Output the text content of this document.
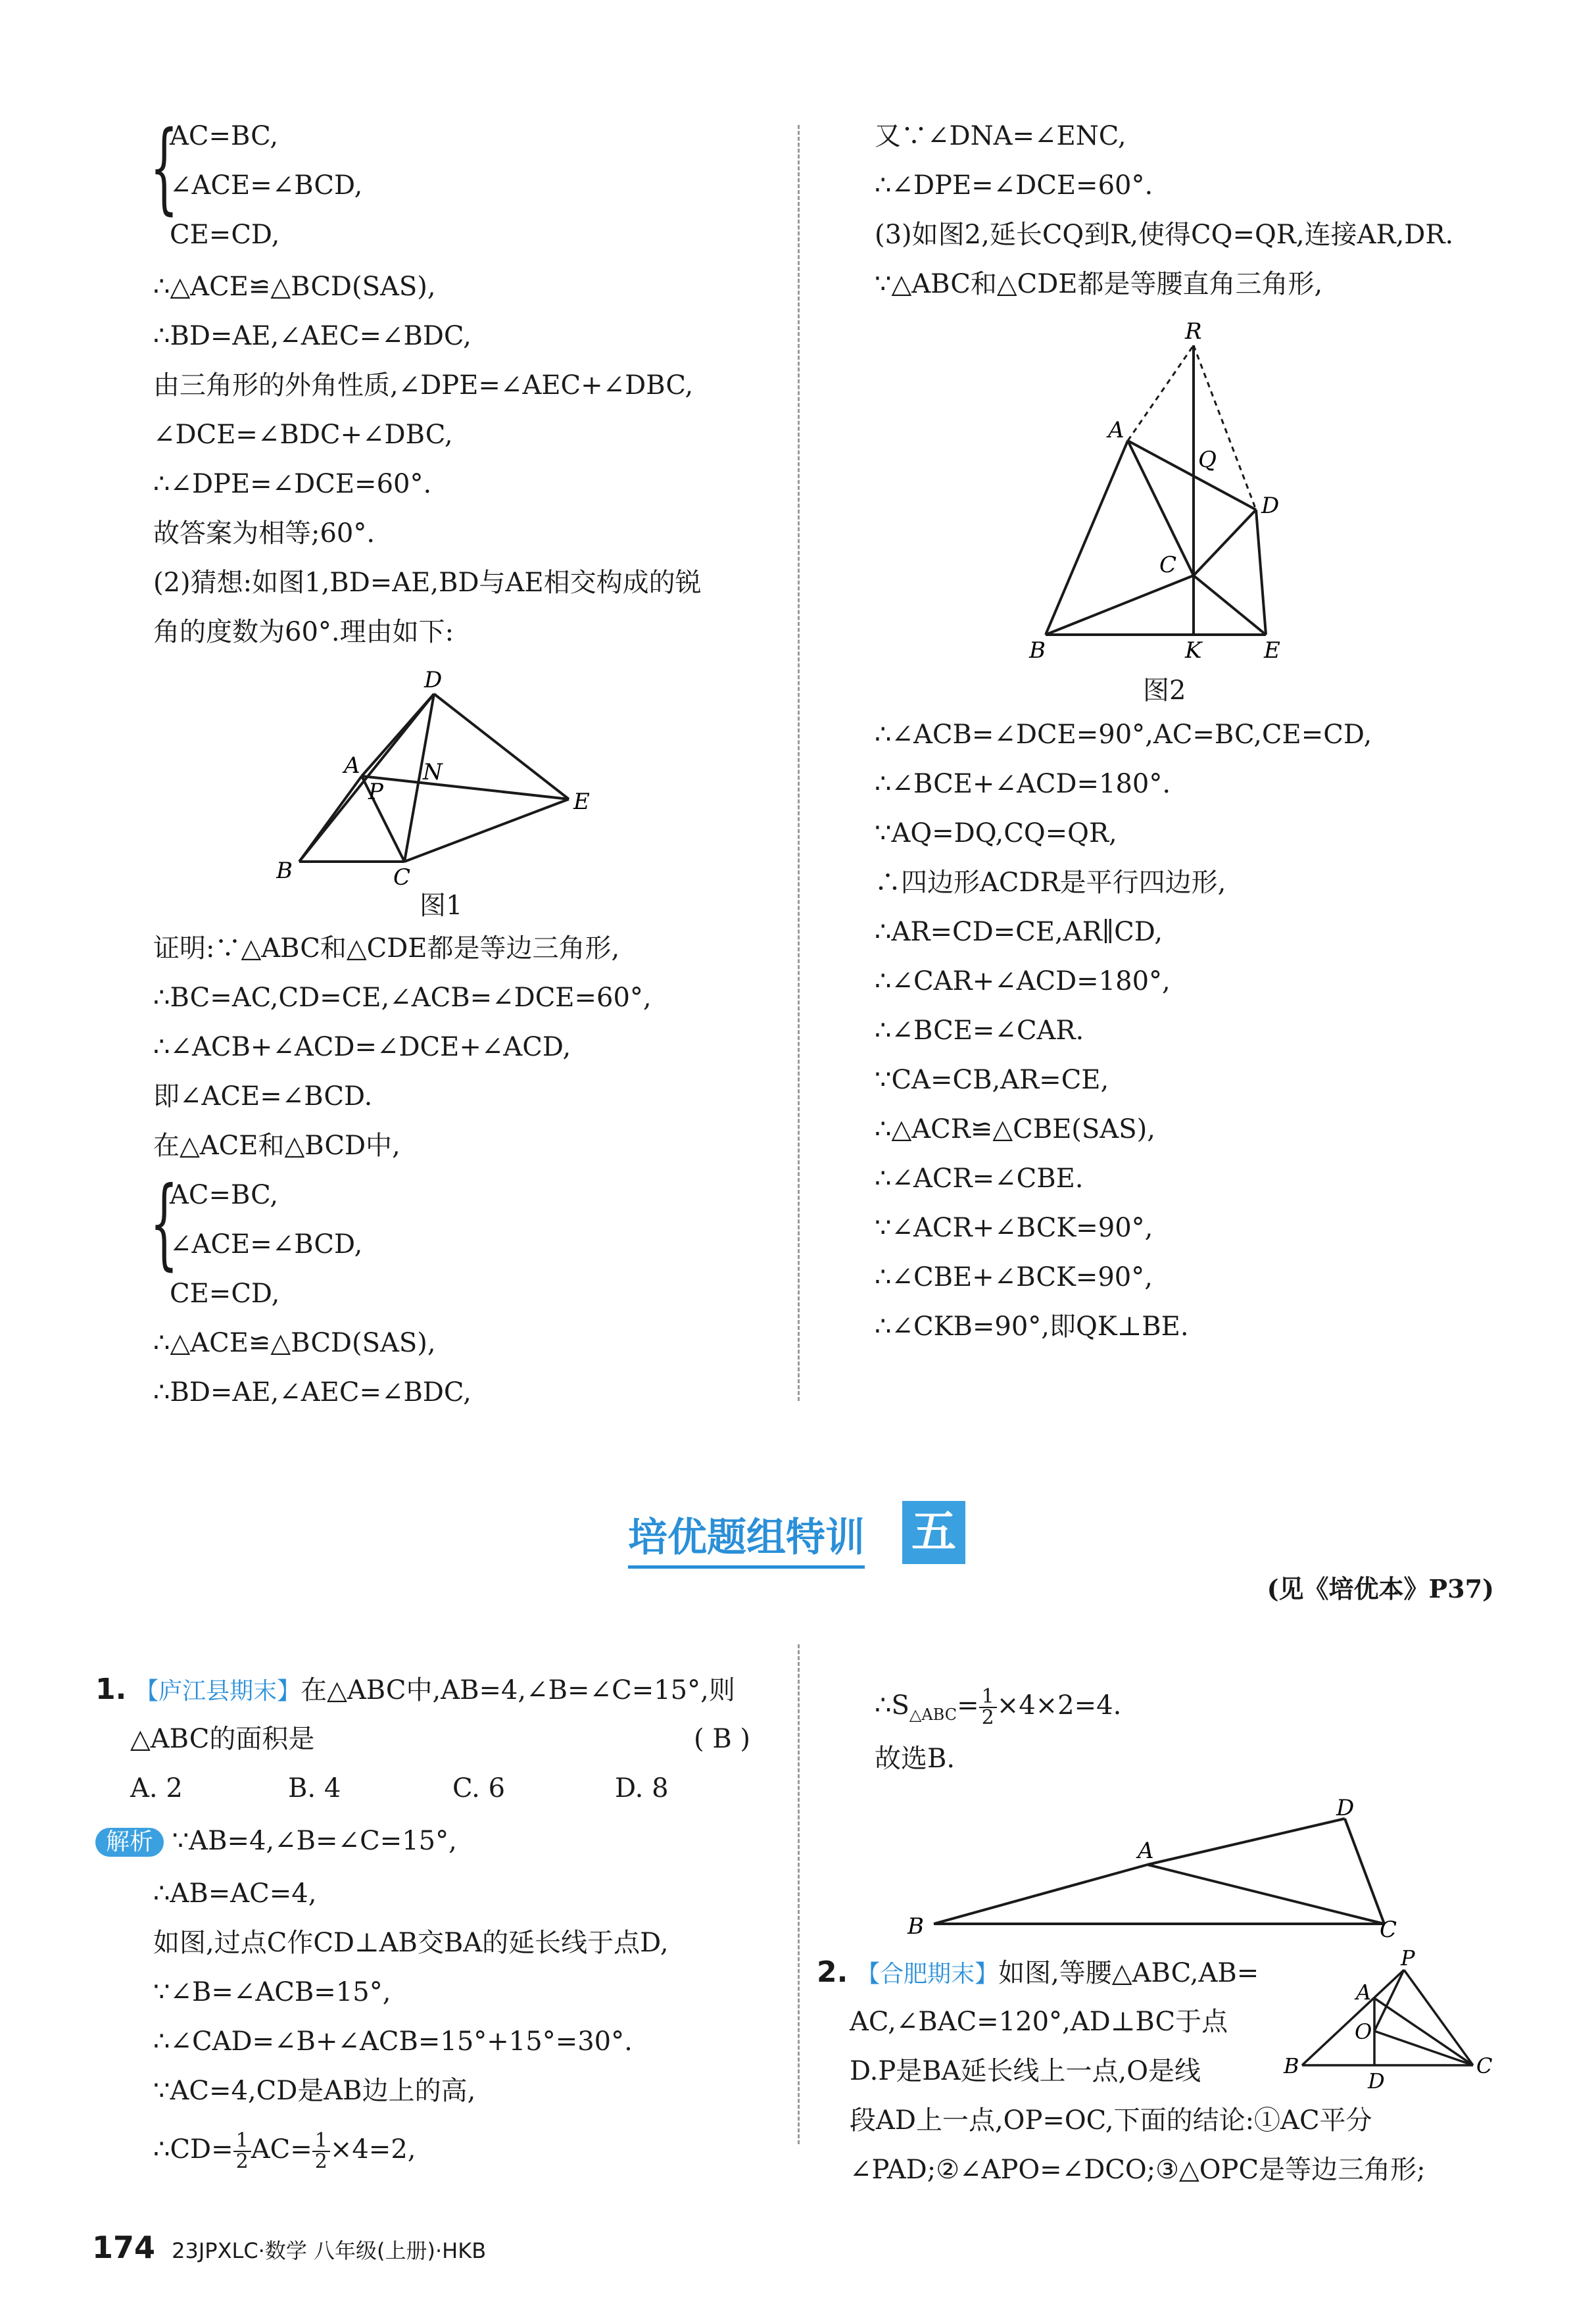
{
AC=BC,
∠ACE=∠BCD,
CE=CD,
∴△ACE≌△BCD(SAS),
∴BD=AE,∠AEC=∠BDC,
由三角形的外角性质,∠DPE=∠AEC+∠DBC,
∠DCE=∠BDC+∠DBC,
∴∠DPE=∠DCE=60°.
故答案为相等;60°.
(2)猜想:如图1,BD=AE,BD与AE相交构成的锐
角的度数为60°.理由如下:
D
A
P
N
E
B	C
图1
证明:∵△ABC和△CDE都是等边三角形,
∴BC=AC,CD=CE,∠ACB=∠DCE=60°,
∴∠ACB+∠ACD=∠DCE+∠ACD,
即∠ACE=∠BCD.
在△ACE和△BCD中,
{
AC=BC,
∠ACE=∠BCD,
CE=CD,
∴△ACE≌△BCD(SAS),
∴BD=AE,∠AEC=∠BDC,
又∵∠DNA=∠ENC,
∴∠DPE=∠DCE=60°.
(3)如图2,延长CQ到R,使得CQ=QR,连接AR,DR.
∵△ABC和△CDE都是等腰直角三角形,
R
A
Q
D
C
B	K	E
图2
∴∠ACB=∠DCE=90°,AC=BC,CE=CD,
∴∠BCE+∠ACD=180°.
∵AQ=DQ,CQ=QR,
∴四边形ACDR是平行四边形,
∴AR=CD=CE,AR∥CD,
∴∠CAR+∠ACD=180°,
∴∠BCE=∠CAR.
∵CA=CB,AR=CE,
∴△ACR≌△CBE(SAS),
∴∠ACR=∠CBE.
∵∠ACR+∠BCK=90°,
∴∠CBE+∠BCK=90°,
∴∠CKB=90°,即QK⊥BE.
培优题组特训 五
(见《培优本》P37)
1. 【庐江县期末】在△ABC中,AB=4,∠B=∠C=15°,则
△ABC的面积是	( B )
A. 2	B. 4	C. 6	D. 8
解析 ∵AB=4,∠B=∠C=15°,
∴AB=AC=4,
如图,过点C作CD⊥AB交BA的延长线于点D,
∵∠B=∠ACB=15°,
∴∠CAD=∠B+∠ACB=15°+15°=30°.
∵AC=4,CD是AB边上的高,
∴CD= $\frac{1}{2} AC= \frac{1}{2} \times 4=2$,
$\therefore S_{\triangle ABC}= \frac{1}{2} \times 4\times 2=4$.
故选B.
D
A
B	C
2. 【合肥期末】如图,等腰△ABC,AB=
AC,∠BAC=120°,AD⊥BC于点
D.P是BA延长线上一点,O是线
段AD上一点,OP=OC,下面的结论:①AC平分
∠PAD;②∠APO=∠DCO;③△OPC是等边三角形;
P
A
O
B
D
C
174 23JPXLC·数学 八年级(上册)·HKB
